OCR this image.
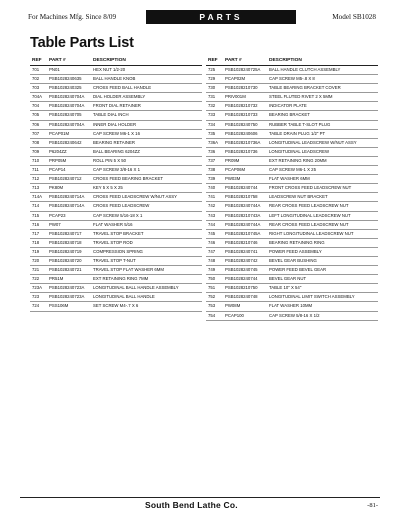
For Machines Mfg. Since 8/09	PARTS	Model SB1028
Table Parts List
REF	PART #	DESCRIPTION
701	PN01	HEX NUT 1/2-20
702	PSB1028240635	BALL HANDLE KNOB
703	PSB1028240325	CROSS FEED BALL HANDLE
704A	PSB1028240704A	DIAL HOLDER ASSEMBLY
704	PSB1028240704A	FRONT DIAL RETAINER
705	PSB1028240705	TABLE DIAL INCH
706	PSB1028240704A	INNER DIAL HOLDER
707	PCAP01M	CAP SCREW M6-1 X 16
708	PSB1028240642	BEARING RETAINER
709	P6204ZZ	BALL BEARING 6204ZZ
710	PRP05M	ROLL PIN 5 X 50
711	PCAP14	CAP SCREW 3/8-16 X 1
712	PSB1028240712	CROSS FEED BEARING BRACKET
713	PK80M	KEY 5 X 5 X 25
714A	PSB1028240714A	CROSS FEED LEADSCREW W/NUT ASSY
714	PSB1028240714A	CROSS FEED LEADSCREW
715	PCAP23	CAP SCREW 5/16-18 X 1
716	PW07	FLAT WASHER 5/16
717	PSB1028240717	TRAVEL STOP BRACKET
718	PSB1028240718	TRAVEL STOP ROD
719	PSB1028240719	COMPRESSION SPRING
720	PSB1028240720	TRAVEL STOP T-NUT
721	PSB1028240721	TRAVEL STOP FLAT WASHER 6MM
722	PR51M	EXT RETAINING RING 7MM
723A	PSB1028240723A	LONGITUDINAL BALL HANDLE ASSEMBLY
723	PSB1028240723A	LONGITUDINAL BALL HANDLE
724	PSS106M	SET SCREW M4-.7 X 6
REF	PART #	DESCRIPTION
725	PSB1028240725A	BALL HANDLE CLUTCH ASSEMBLY
729	PCAP02M	CAP SCREW M5-.8 X 8
730	PSB1028210730	TABLE BEARING BRACKET COVER
731	PRIV001M	STEEL FLUTED RIVET 2 X 5MM
732	PSB1028210732	INDICATOR PLATE
733	PSB1028210733	BEARING BRACKET
734	PSB1028240750	RUBBER TABLE T-SLOT PLUG
735	PSB1028240606	TABLE DRAIN PLUG 1/2" PT
736A	PSB1028210736A	LONGITUDINAL LEADSCREW W/NUT ASSY
736	PSB1028210736	LONGITUDINAL LEADSCREW
737	PR09M	EXT RETAINING RING 20MM
738	PCAP06M	CAP SCREW M6-1 X 25
739	PW03M	FLAT WASHER 6MM
740	PSB1028240744	FRONT CROSS FEED LEADSCREW NUT
741	PSB1028210758	LEADSCREW NUT BRACKET
742	PSB1028240744A	REAR CROSS FEED LEADSCREW NUT
743	PSB1028210743A	LEFT LONGITUDINAL LEADSCREW NUT
744	PSB1028240744A	REAR CROSS FEED LEADSCREW NUT
745	PSB1028210745A	RIGHT LONGITUDINAL LEADSCREW NUT
746	PSB1028210746	BEARING RETAINING RING
747	PSB1028240741	POWER FEED ASSEMBLY
748	PSB1028240742	BEVEL GEAR BUSHING
749	PSB1028240745	POWER FEED BEVEL GEAR
750	PSB1028240744	BEVEL GEAR NUT
751	PSB1028210750	TABLE 10" X 54"
752	PSB1028240748	LONGITUDINAL LIMIT SWITCH ASSEMBLY
753	PW08M	FLAT WASHER 10MM
754	PCAP100	CAP SCREW 5/8-16 X 1/2
South Bend Lathe Co.	-81-
